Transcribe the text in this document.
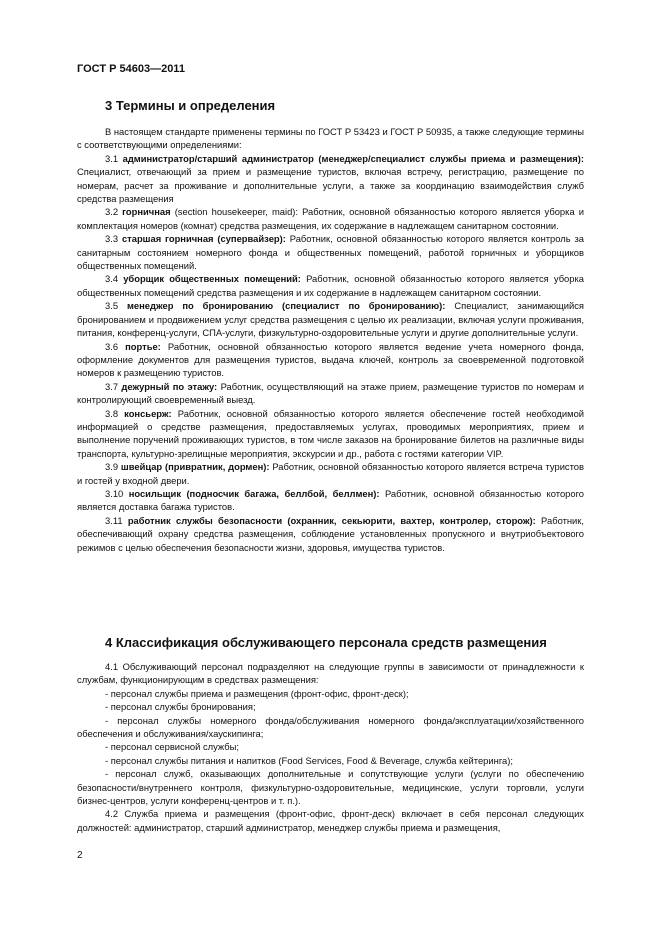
ГОСТ Р 54603—2011
3 Термины и определения

В настоящем стандарте применены термины по ГОСТ Р 53423 и ГОСТ Р 50935, а также следующие термины с соответствующими определениями:

3.1 администратор/старший администратор (менеджер/специалист службы приема и размещения): Специалист, отвечающий за прием и размещение туристов, включая встречу, регистрацию, размещение по номерам, расчет за проживание и дополнительные услуги, а также за координацию взаимодействия служб средства размещения

3.2 горничная (section housekeeper, maid): Работник, основной обязанностью которого является уборка и комплектация номеров (комнат) средства размещения, их содержание в надлежащем санитарном состоянии.

3.3 старшая горничная (супервайзер): Работник, основной обязанностью которого является контроль за санитарным состоянием номерного фонда и общественных помещений, работой горничных и уборщиков общественных помещений.

3.4 уборщик общественных помещений: Работник, основной обязанностью которого является уборка общественных помещений средства размещения и их содержание в надлежащем санитарном состоянии.

3.5 менеджер по бронированию (специалист по бронированию): Специалист, занимающийся бронированием и продвижением услуг средства размещения с целью их реализации, включая услуги проживания, питания, конференц-услуги, СПА-услуги, физкультурно-оздоровительные услуги и другие дополнительные услуги.

3.6 портье: Работник, основной обязанностью которого является ведение учета номерного фонда, оформление документов для размещения туристов, выдача ключей, контроль за своевременной подготовкой номеров к размещению туристов.

3.7 дежурный по этажу: Работник, осуществляющий на этаже прием, размещение туристов по номерам и контролирующий своевременный выезд.

3.8 консьерж: Работник, основной обязанностью которого является обеспечение гостей необходимой информацией о средстве размещения, предоставляемых услугах, проводимых мероприятиях, прием и выполнение поручений проживающих туристов, в том числе заказов на бронирование билетов на различные виды транспорта, культурно-зрелищные мероприятия, экскурсии и др., работа с гостями категории VIP.

3.9 швейцар (привратник, дормен): Работник, основной обязанностью которого является встреча туристов и гостей у входной двери.

3.10 носильщик (подносчик багажа, беллбой, беллмен): Работник, основной обязанностью которого является доставка багажа туристов.

3.11 работник службы безопасности (охранник, секьюрити, вахтер, контролер, сторож): Работник, обеспечивающий охрану средства размещения, соблюдение установленных пропускного и внутриобъектового режимов с целью обеспечения безопасности жизни, здоровья, имущества туристов.

4 Классификация обслуживающего персонала средств размещения

4.1 Обслуживающий персонал подразделяют на следующие группы в зависимости от принадлежности к службам, функционирующим в средствах размещения:

- персонал службы приема и размещения (фронт-офис, фронт-деск);

- персонал службы бронирования;

- персонал службы номерного фонда/обслуживания номерного фонда/эксплуатации/хозяйственного обеспечения и обслуживания/хаускипинга;

- персонал сервисной службы;

- персонал службы питания и напитков (Food Services, Food & Beverage, служба кейтеринга);

- персонал служб, оказывающих дополнительные и сопутствующие услуги (услуги по обеспечению безопасности/внутреннего контроля, физкультурно-оздоровительные, медицинские, услуги торговли, услуги бизнес-центров, услуги конференц-центров и т. п.).

4.2 Служба приема и размещения (фронт-офис, фронт-деск) включает в себя персонал следующих должностей: администратор, старший администратор, менеджер службы приема и размещения,

2
